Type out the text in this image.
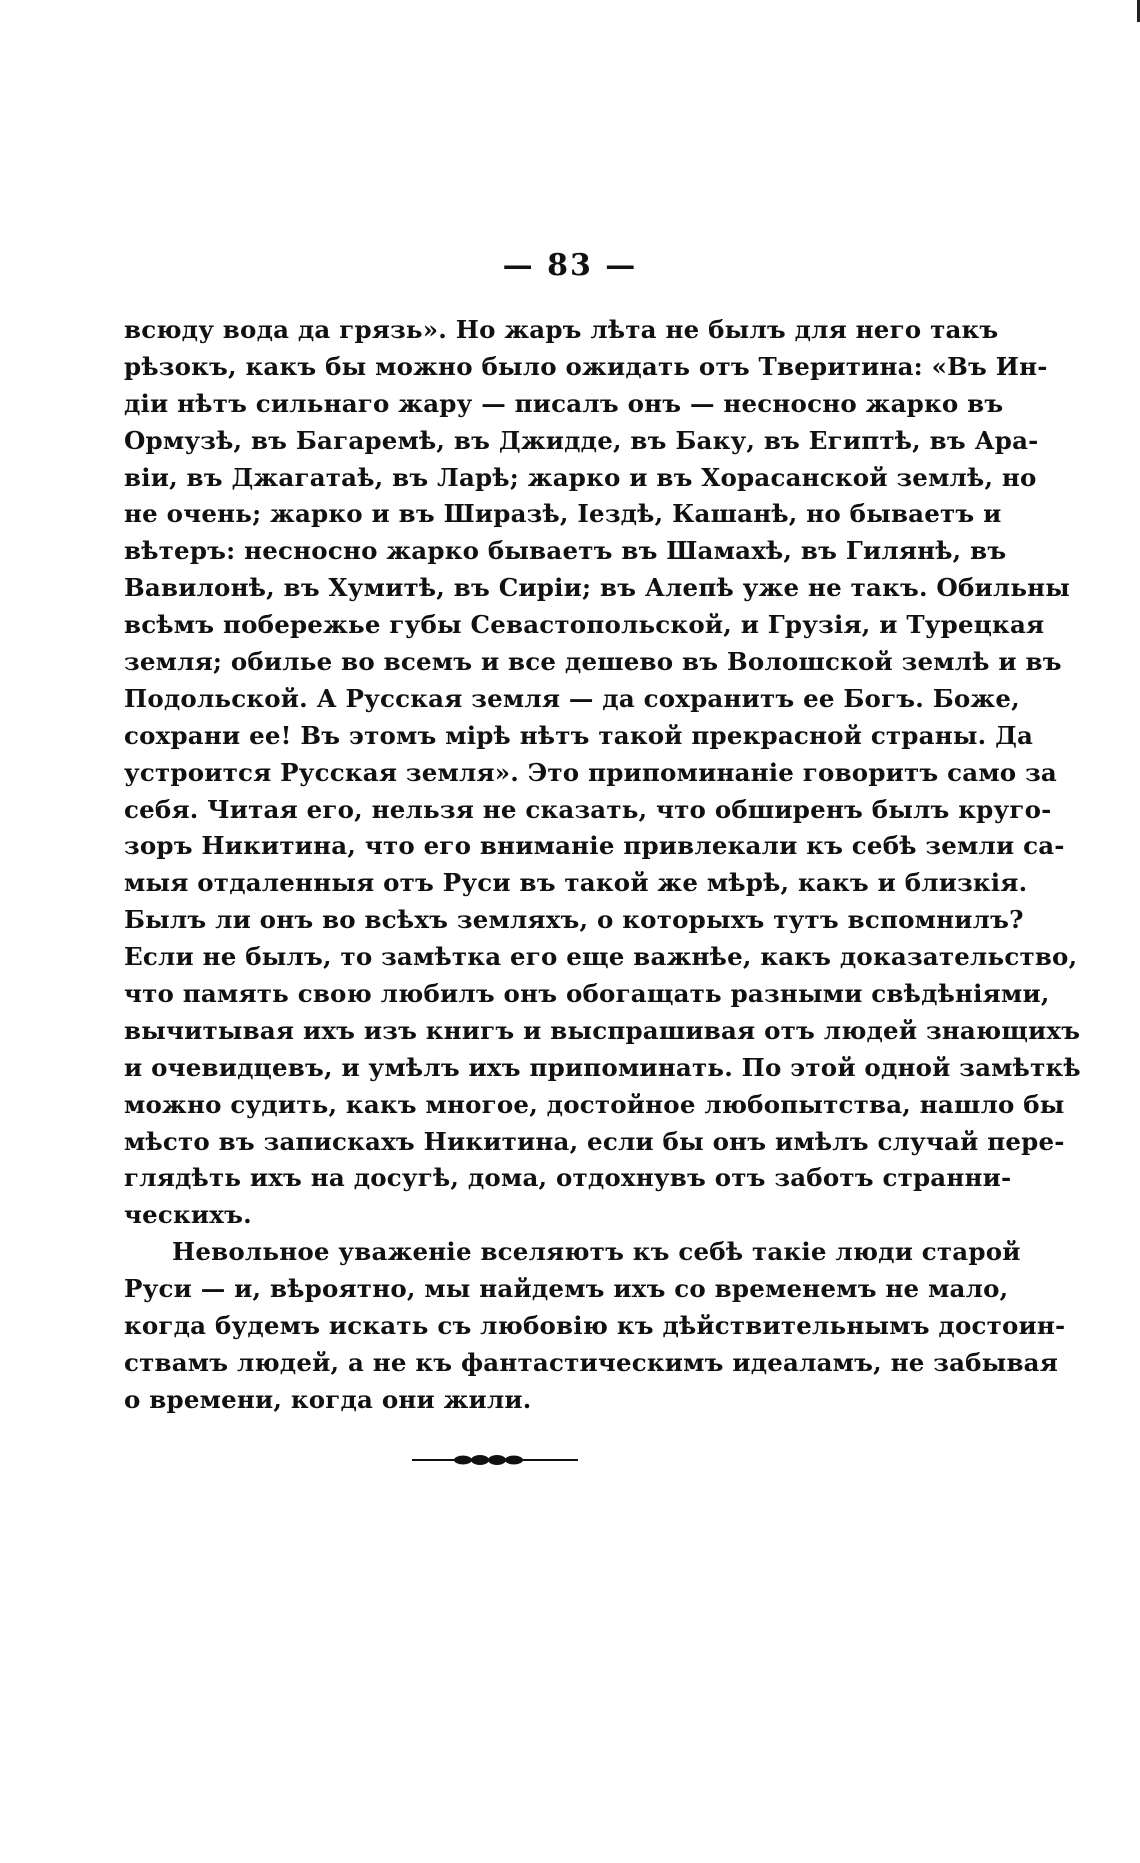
— 83 —
всюду вода да грязь». Но жаръ лѣта не былъ для него такъ
рѣзокъ, какъ бы можно было ожидать отъ Тверитина: «Въ Ин-
діи нѣтъ сильнаго жару — писалъ онъ — несносно жарко въ
Ормузѣ, въ Багаремѣ, въ Джидде, въ Баку, въ Египтѣ, въ Ара-
віи, въ Джагатаѣ, въ Ларѣ; жарко и въ Хорасанской землѣ, но
не очень; жарко и въ Ширазѣ, Іездѣ, Кашанѣ, но бываетъ и
вѣтеръ: несносно жарко бываетъ въ Шамахѣ, въ Гилянѣ, въ
Вавилонѣ, въ Хумитѣ, въ Сиріи; въ Алепѣ уже не такъ. Обильны
всѣмъ побережье губы Севастопольской, и Грузія, и Турецкая
земля; обилье во всемъ и все дешево въ Волошской землѣ и въ
Подольской. А Русская земля — да сохранитъ ее Богъ. Боже,
сохрани ее! Въ этомъ мірѣ нѣтъ такой прекрасной страны. Да
устроится Русская земля». Это припоминаніе говоритъ само за
себя. Читая его, нельзя не сказать, что обширенъ былъ круго-
зоръ Никитина, что его вниманіе привлекали къ себѣ земли са-
мыя отдаленныя отъ Руси въ такой же мѣрѣ, какъ и близкія.
Былъ ли онъ во всѣхъ земляхъ, о которыхъ тутъ вспомнилъ?
Если не былъ, то замѣтка его еще важнѣе, какъ доказательство,
что память свою любилъ онъ обогащать разными свѣдѣніями,
вычитывая ихъ изъ книгъ и выспрашивая отъ людей знающихъ
и очевидцевъ, и умѣлъ ихъ припоминать. По этой одной замѣткѣ
можно судить, какъ многое, достойное любопытства, нашло бы
мѣсто въ запискахъ Никитина, если бы онъ имѣлъ случай пере-
глядѣть ихъ на досугѣ, дома, отдохнувъ отъ заботъ странни-
ческихъ.
Невольное уваженіе вселяютъ къ себѣ такіе люди старой
Руси — и, вѣроятно, мы найдемъ ихъ со временемъ не мало,
когда будемъ искать съ любовію къ дѣйствительнымъ достоин-
ствамъ людей, а не къ фантастическимъ идеаламъ, не забывая
о времени, когда они жили.
